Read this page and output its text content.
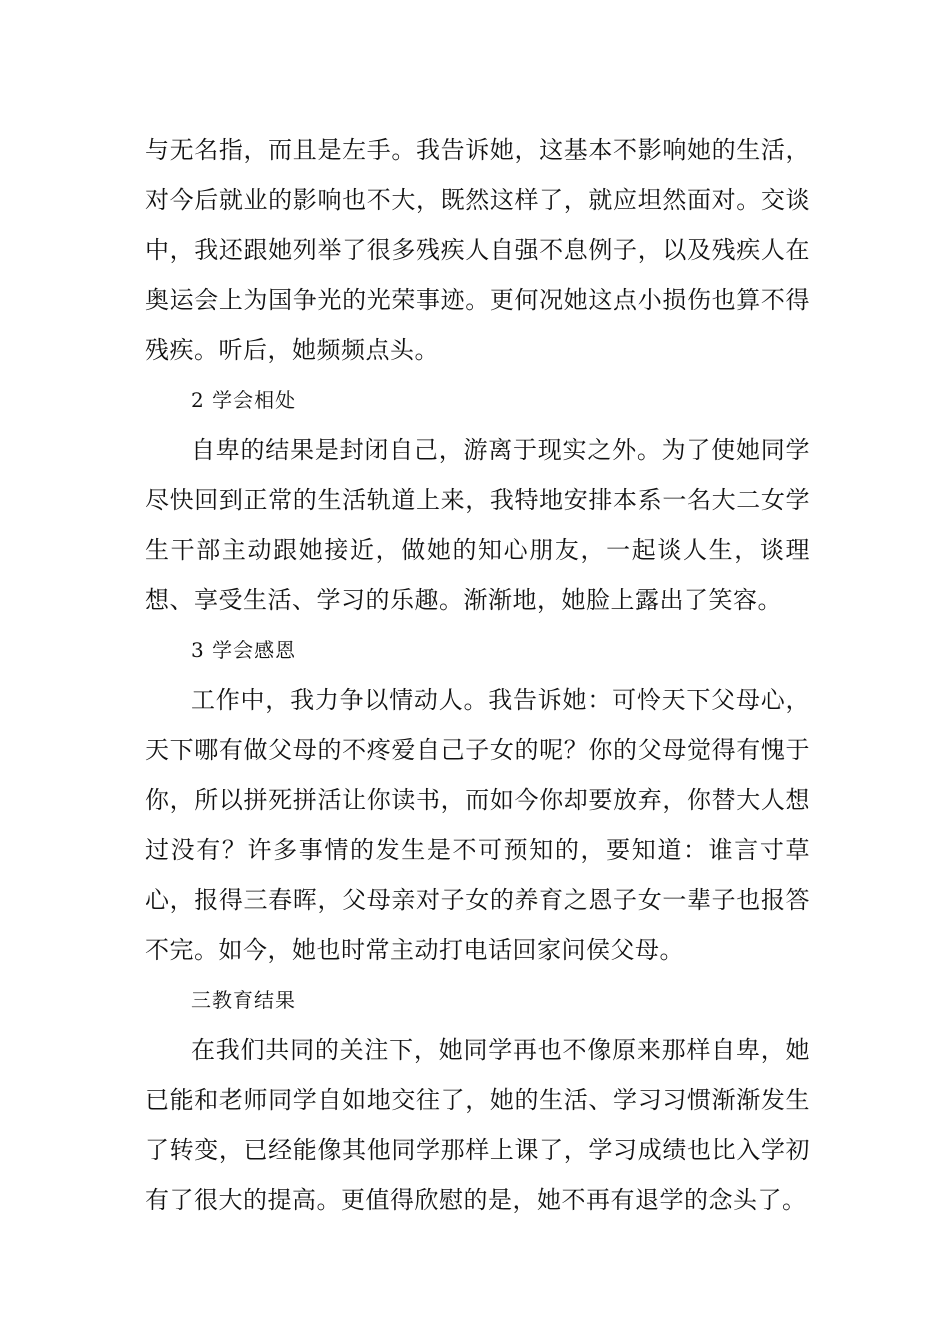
与无名指，而且是左手。我告诉她，这基本不影响她的生活，对今后就业的影响也不大，既然这样了，就应坦然面对。交谈中，我还跟她列举了很多残疾人自强不息例子，以及残疾人在奥运会上为国争光的光荣事迹。更何况她这点小损伤也算不得残疾。听后，她频频点头。

2 学会相处

自卑的结果是封闭自己，游离于现实之外。为了使她同学尽快回到正常的生活轨道上来，我特地安排本系一名大二女学生干部主动跟她接近，做她的知心朋友，一起谈人生，谈理想、享受生活、学习的乐趣。渐渐地，她脸上露出了笑容。

3 学会感恩

工作中，我力争以情动人。我告诉她：可怜天下父母心，天下哪有做父母的不疼爱自己子女的呢？你的父母觉得有愧于你，所以拼死拼活让你读书，而如今你却要放弃，你替大人想过没有？许多事情的发生是不可预知的，要知道：谁言寸草心，报得三春晖，父母亲对子女的养育之恩子女一辈子也报答不完。如今，她也时常主动打电话回家问侯父母。

三教育结果

在我们共同的关注下，她同学再也不像原来那样自卑，她已能和老师同学自如地交往了，她的生活、学习习惯渐渐发生了转变，已经能像其他同学那样上课了，学习成绩也比入学初有了很大的提高。更值得欣慰的是，她不再有退学的念头了。
